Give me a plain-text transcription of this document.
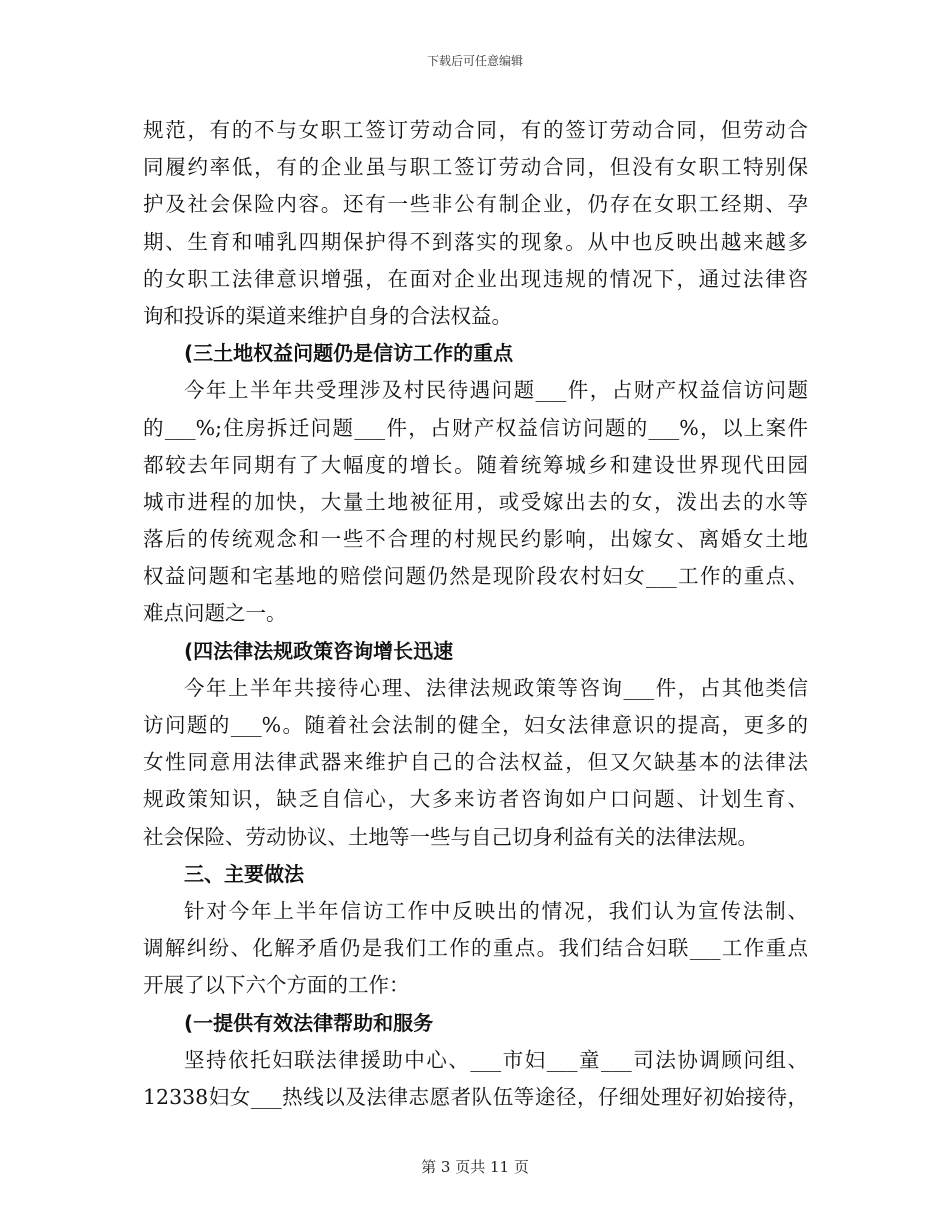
下载后可任意编辑
规范，有的不与女职工签订劳动合同，有的签订劳动合同，但劳动合
同履约率低，有的企业虽与职工签订劳动合同，但没有女职工特别保
护及社会保险内容。还有一些非公有制企业，仍存在女职工经期、孕
期、生育和哺乳四期保护得不到落实的现象。从中也反映出越来越多
的女职工法律意识增强，在面对企业出现违规的情况下，通过法律咨
询和投诉的渠道来维护自身的合法权益。
(三土地权益问题仍是信访工作的重点
今年上半年共受理涉及村民待遇问题___件，占财产权益信访问题
的___%;住房拆迁问题___件，占财产权益信访问题的___%，以上案件
都较去年同期有了大幅度的增长。随着统筹城乡和建设世界现代田园
城市进程的加快，大量土地被征用，或受嫁出去的女，泼出去的水等
落后的传统观念和一些不合理的村规民约影响，出嫁女、离婚女土地
权益问题和宅基地的赔偿问题仍然是现阶段农村妇女___工作的重点、
难点问题之一。
(四法律法规政策咨询增长迅速
今年上半年共接待心理、法律法规政策等咨询___件，占其他类信
访问题的___%。随着社会法制的健全，妇女法律意识的提高，更多的
女性同意用法律武器来维护自己的合法权益，但又欠缺基本的法律法
规政策知识，缺乏自信心，大多来访者咨询如户口问题、计划生育、
社会保险、劳动协议、土地等一些与自己切身利益有关的法律法规。
三、主要做法
针对今年上半年信访工作中反映出的情况，我们认为宣传法制、
调解纠纷、化解矛盾仍是我们工作的重点。我们结合妇联___工作重点
开展了以下六个方面的工作：
(一提供有效法律帮助和服务
坚持依托妇联法律援助中心、___市妇___童___司法协调顾问组、
12338妇女___热线以及法律志愿者队伍等途径，仔细处理好初始接待，
第 3 页共 11 页
